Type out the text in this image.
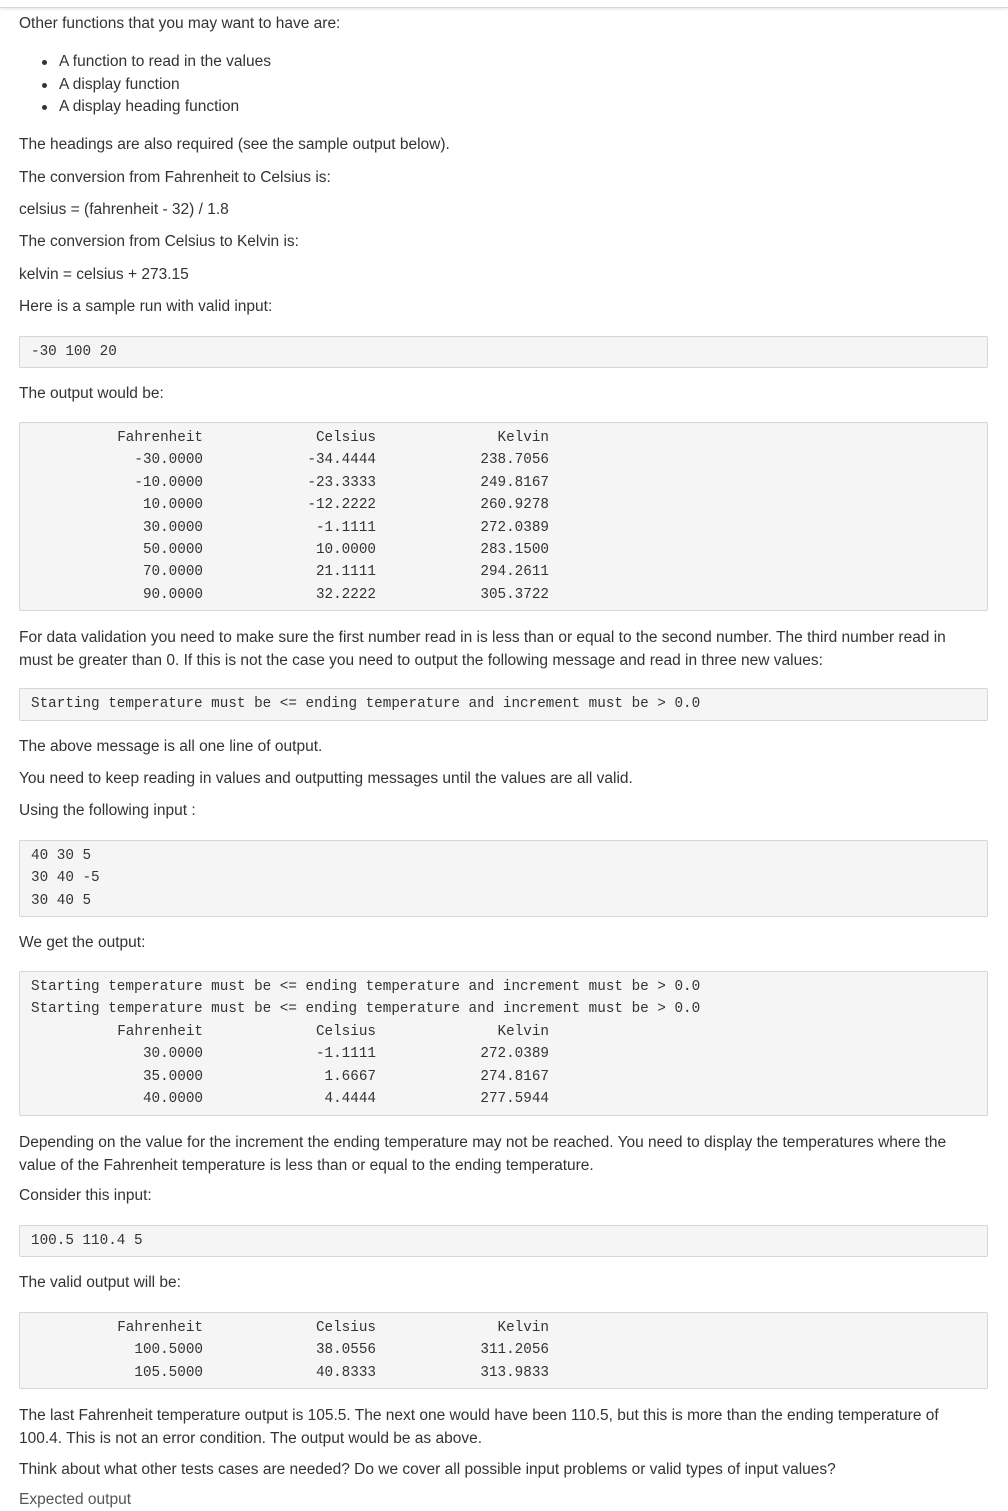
Other functions that you may want to have are:
A function to read in the values
A display function
A display heading function
The headings are also required (see the sample output below).
The conversion from Fahrenheit to Celsius is:
celsius = (fahrenheit - 32) / 1.8
The conversion from Celsius to Kelvin is:
kelvin = celsius + 273.15
Here is a sample run with valid input:
-30 100 20
The output would be:
Fahrenheit	Celsius	Kelvin
-30.0000	-34.4444	238.7056
-10.0000	-23.3333	249.8167
10.0000	-12.2222	260.9278
30.0000	-1.1111	272.0389
50.0000	10.0000	283.1500
70.0000	21.1111	294.2611
90.0000	32.2222	305.3722
For data validation you need to make sure the first number read in is less than or equal to the second number. The third number read in must be greater than 0. If this is not the case you need to output the following message and read in three new values:
Starting temperature must be <= ending temperature and increment must be > 0.0
The above message is all one line of output.
You need to keep reading in values and outputting messages until the values are all valid.
Using the following input :
40 30 5
30 40 -5
30 40 5
We get the output:
Starting temperature must be <= ending temperature and increment must be > 0.0
Starting temperature must be <= ending temperature and increment must be > 0.0
Fahrenheit	Celsius	Kelvin
30.0000	-1.1111	272.0389
35.0000	1.6667	274.8167
40.0000	4.4444	277.5944
Depending on the value for the increment the ending temperature may not be reached. You need to display the temperatures where the value of the Fahrenheit temperature is less than or equal to the ending temperature.
Consider this input:
100.5 110.4 5
The valid output will be:
Fahrenheit	Celsius	Kelvin
100.5000	38.0556	311.2056
105.5000	40.8333	313.9833
The last Fahrenheit temperature output is 105.5. The next one would have been 110.5, but this is more than the ending temperature of 100.4. This is not an error condition. The output would be as above.
Think about what other tests cases are needed? Do we cover all possible input problems or valid types of input values?
Expected output
